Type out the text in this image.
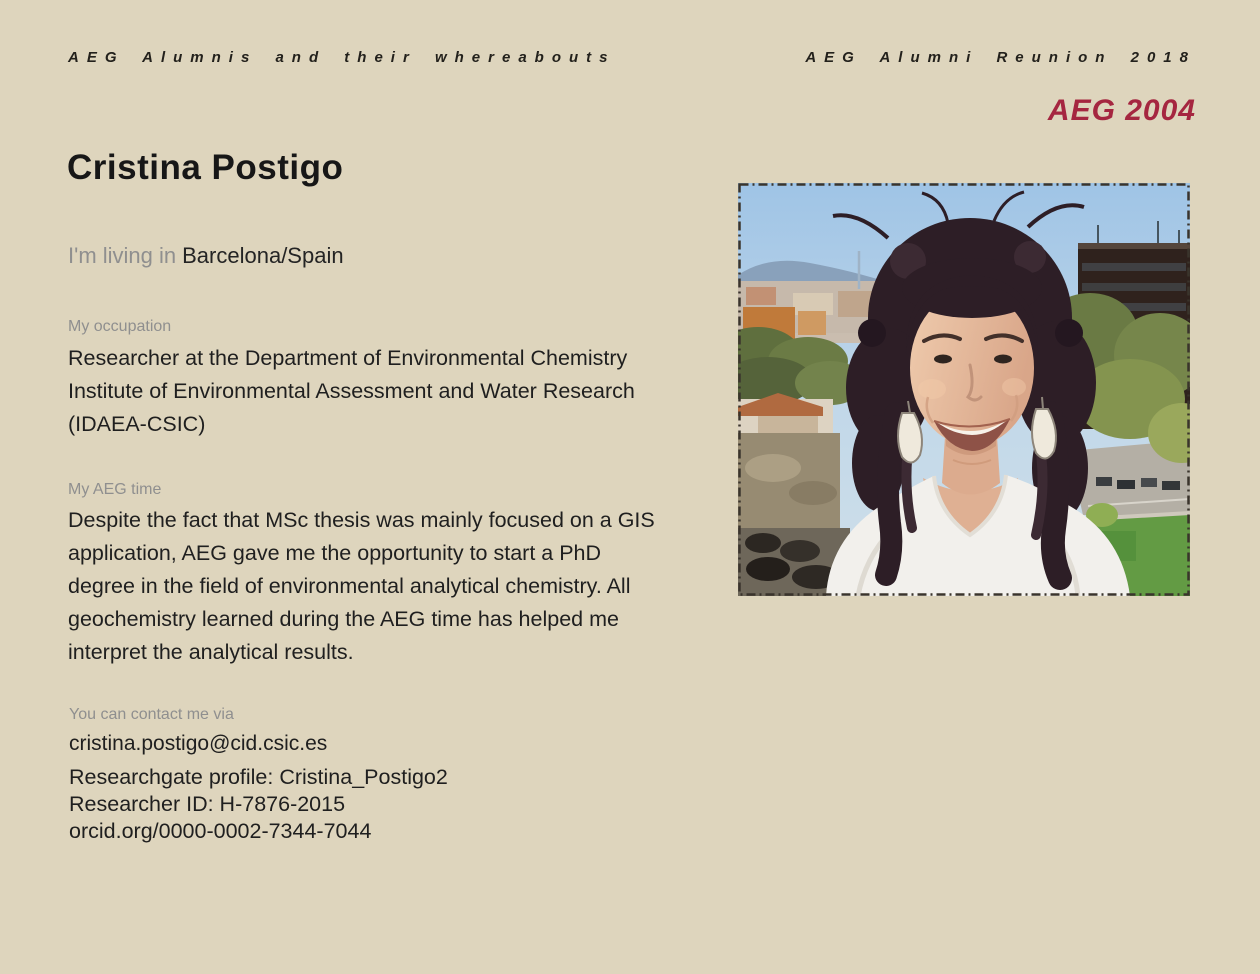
AEG Alumnis and their whereabouts	AEG Alumni Reunion 2018
AEG 2004
Cristina Postigo
I'm living in Barcelona/Spain
My occupation
Researcher at the Department of Environmental Chemistry
Institute of Environmental Assessment and Water Research
(IDAEA-CSIC)
My AEG time
Despite the fact that MSc thesis was mainly focused on a GIS
application, AEG gave me the opportunity to start a PhD
degree in the field of environmental analytical chemistry. All
geochemistry learned during the AEG time has helped me
interpret the analytical results.
You can contact me via
cristina.postigo@cid.csic.es
Researchgate profile: Cristina_Postigo2
Researcher ID: H-7876-2015
orcid.org/0000-0002-7344-7044
